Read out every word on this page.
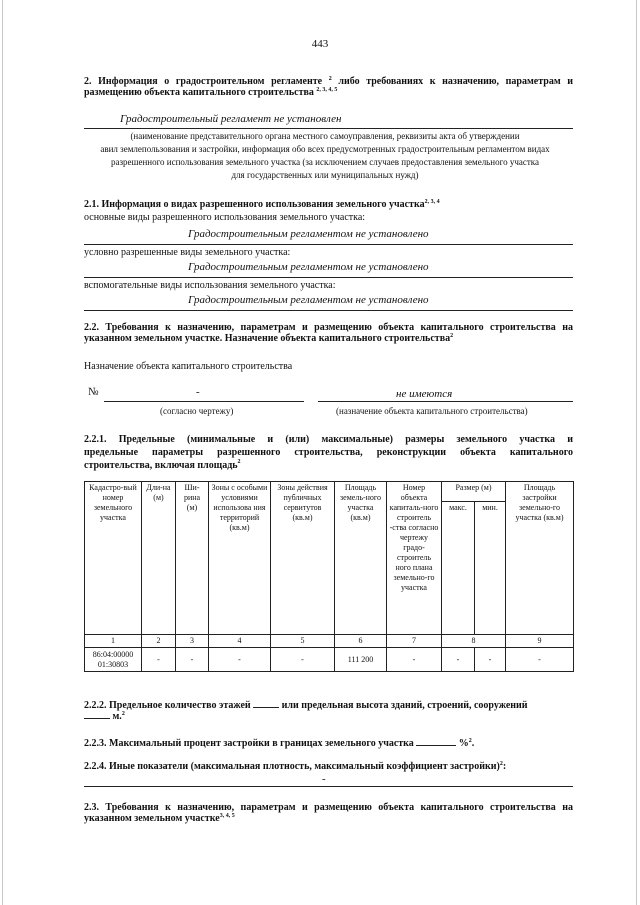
443
2. Информация о градостроительном регламенте $^2$ либо требованиях к назначению, параметрам и
размещению объекта капитального строительства $^{2, 3, 4, 5}$
Градостроительный регламент не установлен
(наименование представительного органа местного самоуправления, реквизиты акта об утверждении
авил землепользования и застройки, информация обо всех предусмотренных градостроительным регламентом видах
разрешенного использования земельного участка (за исключением случаев предоставления земельного участка
для государственных или муниципальных нужд)
2.1. Информация о видах разрешенного использования земельного участка$^{2, 3, 4}$
основные виды разрешенного использования земельного участка:
Градостроительным регламентом не установлено
условно разрешенные виды земельного участка:
Градостроительным регламентом не установлено
вспомогательные виды использования земельного участка:
Градостроительным регламентом не установлено
2.2. Требования к назначению, параметрам и размещению объекта капитального строительства на
указанном земельном участке. Назначение объекта капитального строительства$^2$
Назначение объекта капитального строительства
№	-	не имеются
(согласно чертежу)	(назначение объекта капитального строительства)
2.2.1. Предельные (минимальные и (или) максимальные) размеры земельного участка и
предельные параметры разрешенного строительства, реконструкции объекта капитального
строительства, включая площадь$^2$
Кадастро-вый номер земельного участка	Дли-на (м)	Ши-рина (м)	Зоны с особыми условиями использова ния территорий (кв.м)	Зоны действия публичных сервитутов (кв.м)	Площадь земель-ного участка (кв.м)	Номер объекта капиталь-ного строитель -ства согласно чертежу градо-строитель ного плана земельно-го участка	Размер (м)		Площадь застройки земельно-го участка (кв.м)
							макс.	мин.	
1	2	3	4	5	6	7	8		9
86:04:00000 01:30803	-	-	-	-	111 200	-	-	-	-
2.2.2. Предельное количество этажей	или предельная высота зданий, строений, сооружений
м.$^2$
2.2.3. Максимальный процент застройки в границах земельного участка	%$^2$.
2.2.4. Иные показатели (максимальная плотность, максимальный коэффициент застройки)$^2$:
-
2.3. Требования к назначению, параметрам и размещению объекта капитального строительства на
указанном земельном участке$^{3, 4, 5}$
